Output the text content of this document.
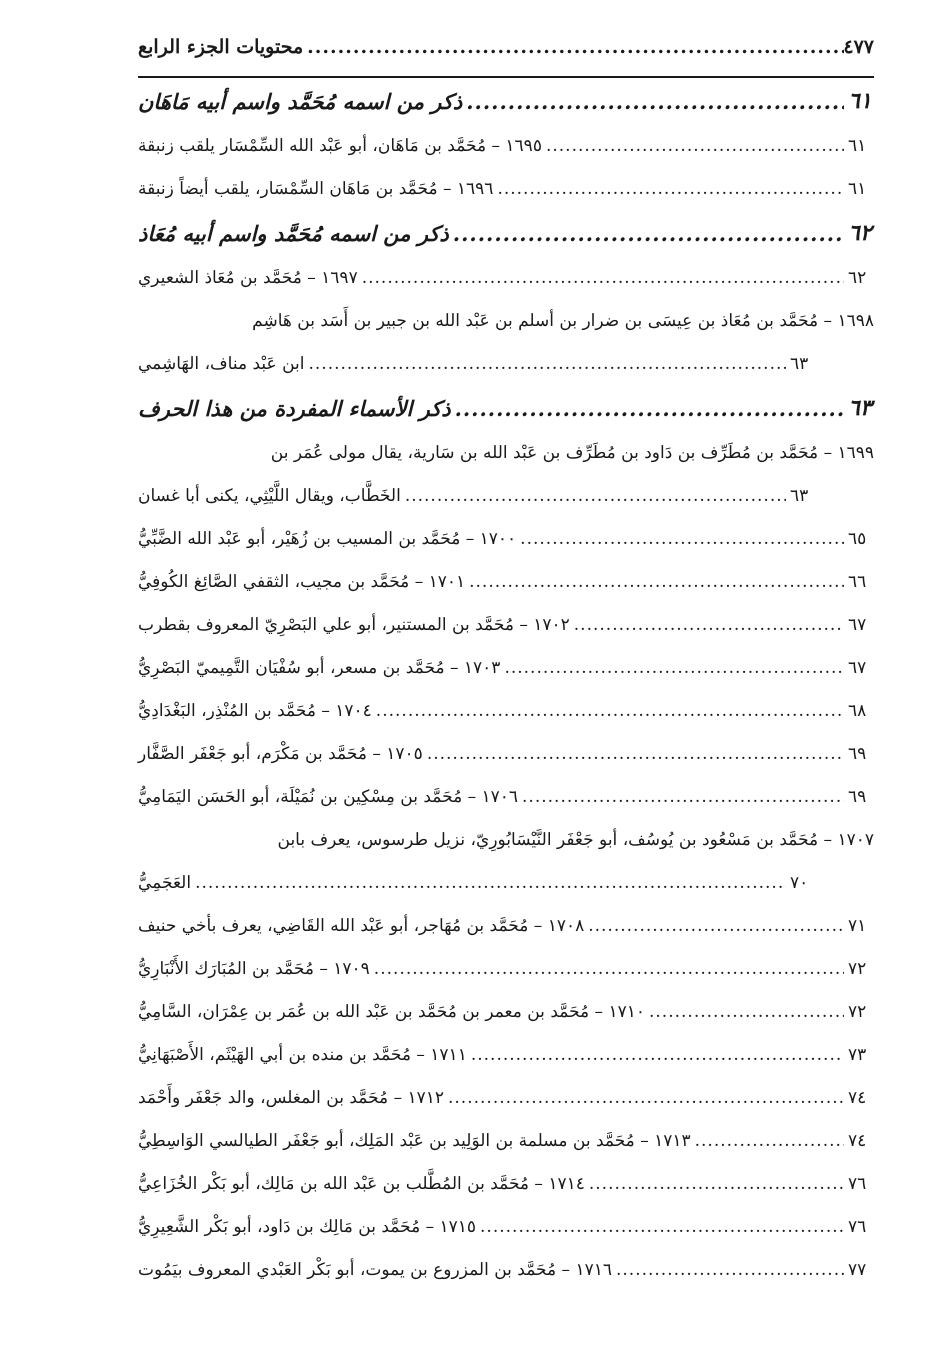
محتويات الجزء الرابع .....	٤٧٧
ذكر من اسمه مُحَمَّد واسم أبيه مَاهَان .....	٦١
١٦٩٥ – مُحَمَّد بن مَاهَان، أبو عَبْد الله السِّمْسَار يلقب زنبقة .....	٦١
١٦٩٦ – مُحَمَّد بن مَاهَان السِّمْسَار، يلقب أيضاً زنبقة .....	٦١
ذكر من اسمه مُحَمَّد واسم أبيه مُعَاذ .....	٦٢
١٦٩٧ – مُحَمَّد بن مُعَاذ الشعيري .....	٦٢
١٦٩٨ – مُحَمَّد بن مُعَاذ بن عِيسَى بن ضرار بن أسلم بن عَبْد الله بن جبير بن أَسَد بن هَاشِم
ابن عَبْد مناف، الهَاشِمي .....	٦٣
ذكر الأسماء المفردة من هذا الحرف .....	٦٣
١٦٩٩ – مُحَمَّد بن مُطَرِّف بن دَاود بن مُطَرِّف بن عَبْد الله بن سَارية، يقال مولى عُمَر بن
الخَطَّاب، ويقال اللَّيْثِي، يكنى أبا غسان .....	٦٣
١٧٠٠ – مُحَمَّد بن المسيب بن زُهَيْر، أبو عَبْد الله الضَّبِّيُّ .....	٦٥
١٧٠١ – مُحَمَّد بن مجيب، الثقفي الصَّائِغ الكُوفِيُّ .....	٦٦
١٧٠٢ – مُحَمَّد بن المستنير، أبو علي البَصْرِيّ المعروف بقطرب .....	٦٧
١٧٠٣ – مُحَمَّد بن مسعر، أبو سُفْيَان التَّمِيميّ البَصْرِيُّ .....	٦٧
١٧٠٤ – مُحَمَّد بن المُنْذِر، البَغْدَادِيُّ .....	٦٨
١٧٠٥ – مُحَمَّد بن مَكْرَم، أبو جَعْفَر الصَّفَّار .....	٦٩
١٧٠٦ – مُحَمَّد بن مِسْكِين بن نُمَيْلَة، أبو الحَسَن اليَمَامِيُّ .....	٦٩
١٧٠٧ – مُحَمَّد بن مَسْعُود بن يُوسُف، أبو جَعْفَر النَّيْسَابُورِيّ، نزيل طرسوس، يعرف بابن
العَجَمِيُّ .....	٧٠
١٧٠٨ – مُحَمَّد بن مُهَاجر، أبو عَبْد الله القَاضِي، يعرف بأخي حنيف .....	٧١
١٧٠٩ – مُحَمَّد بن المُبَارَك الأَنْبَارِيُّ .....	٧٢
١٧١٠ – مُحَمَّد بن معمر بن مُحَمَّد بن عَبْد الله بن عُمَر بن عِمْرَان، السَّامِيُّ .....	٧٢
١٧١١ – مُحَمَّد بن منده بن أبي الهَيْثَم، الأَصْبَهَانِيُّ .....	٧٣
١٧١٢ – مُحَمَّد بن المغلس، والد جَعْفَر وأَحْمَد .....	٧٤
١٧١٣ – مُحَمَّد بن مسلمة بن الوَلِيد بن عَبْد المَلِك، أبو جَعْفَر الطيالسي الوَاسِطِيُّ .....	٧٤
١٧١٤ – مُحَمَّد بن المُطَّلب بن عَبْد الله بن مَالِك، أبو بَكْر الخُزَاعِيُّ .....	٧٦
١٧١٥ – مُحَمَّد بن مَالِك بن دَاود، أبو بَكْر الشَّعِيرِيُّ .....	٧٦
١٧١٦ – مُحَمَّد بن المزروع بن يموت، أبو بَكْر العَبْدي المعروف بيَمُوت .....	٧٧
